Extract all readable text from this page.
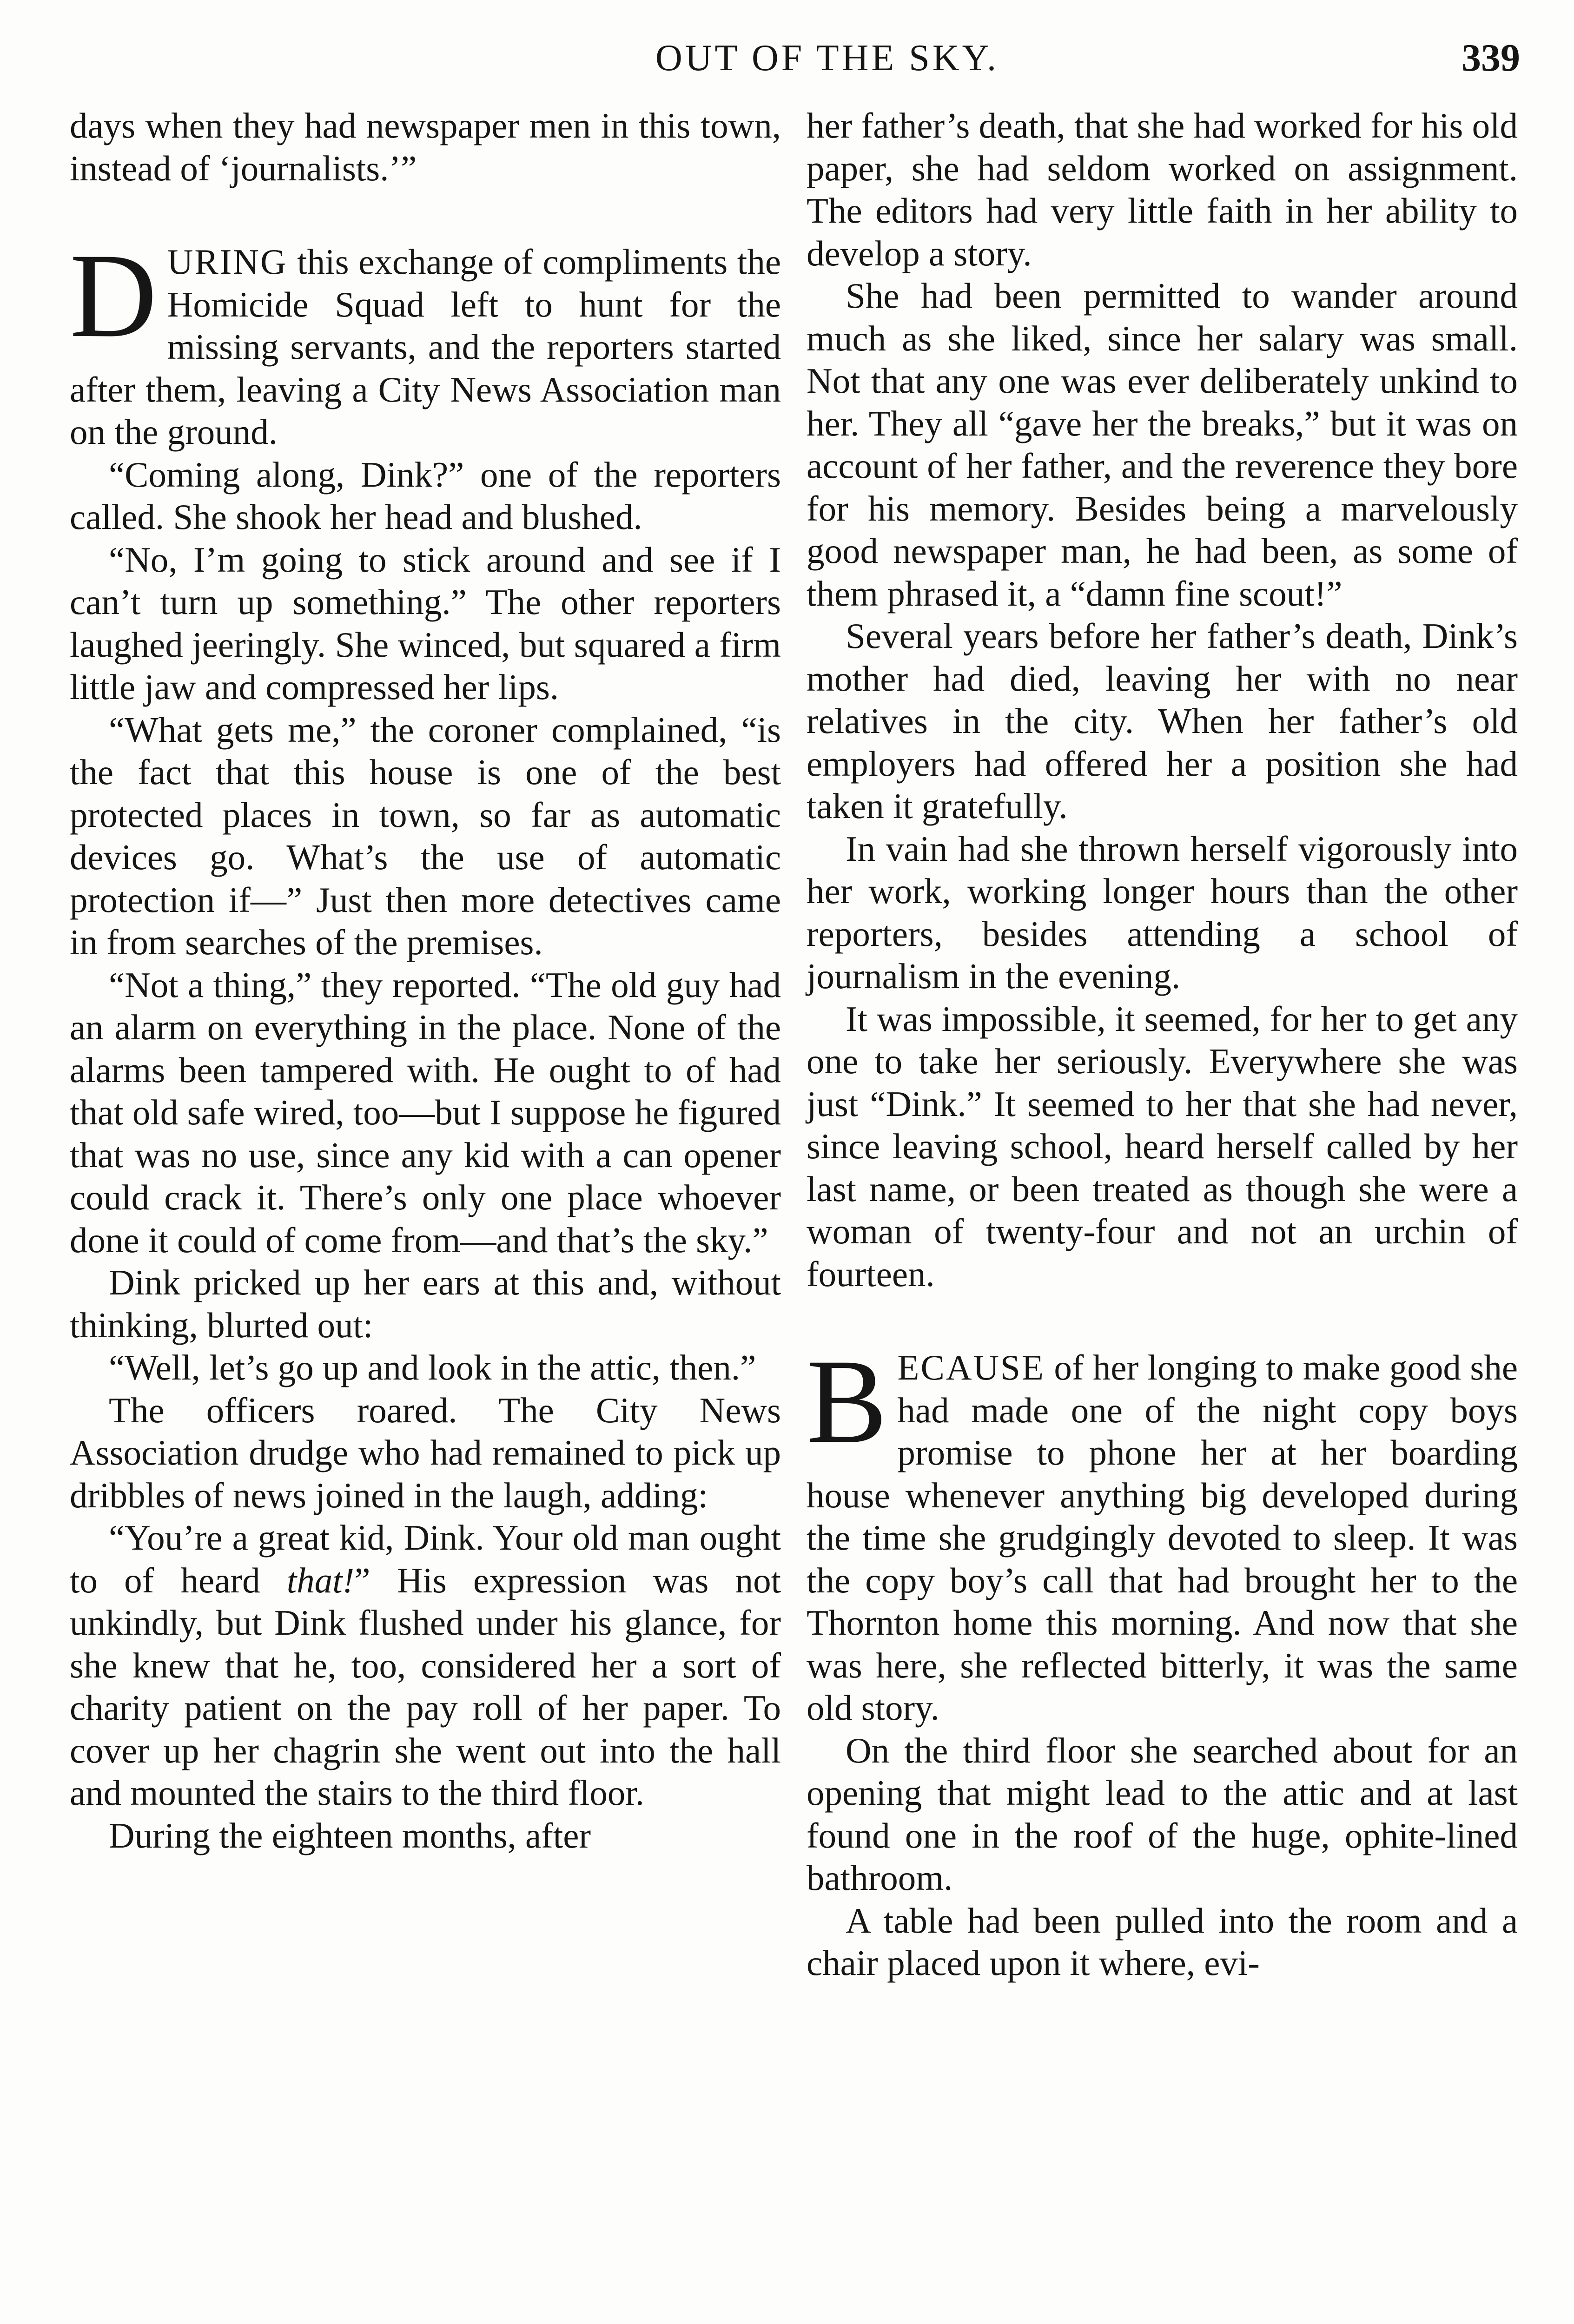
OUT OF THE SKY.	339

days when they had newspaper men in this town, instead of ‘journalists.’”

DURING this exchange of compliments the Homicide Squad left to hunt for the missing servants, and the reporters started after them, leaving a City News Association man on the ground.

“Coming along, Dink?” one of the reporters called. She shook her head and blushed.

“No, I’m going to stick around and see if I can’t turn up something.” The other reporters laughed jeeringly. She winced, but squared a firm little jaw and compressed her lips.

“What gets me,” the coroner complained, “is the fact that this house is one of the best protected places in town, so far as automatic devices go. What’s the use of automatic protection if—” Just then more detectives came in from searches of the premises.

“Not a thing,” they reported. “The old guy had an alarm on everything in the place. None of the alarms been tampered with. He ought to of had that old safe wired, too—but I suppose he figured that was no use, since any kid with a can opener could crack it. There’s only one place whoever done it could of come from—and that’s the sky.”

Dink pricked up her ears at this and, without thinking, blurted out:

“Well, let’s go up and look in the attic, then.”

The officers roared. The City News Association drudge who had remained to pick up dribbles of news joined in the laugh, adding:

“You’re a great kid, Dink. Your old man ought to of heard that!” His expression was not unkindly, but Dink flushed under his glance, for she knew that he, too, considered her a sort of charity patient on the pay roll of her paper. To cover up her chagrin she went out into the hall and mounted the stairs to the third floor.

During the eighteen months, after

her father’s death, that she had worked for his old paper, she had seldom worked on assignment. The editors had very little faith in her ability to develop a story.

She had been permitted to wander around much as she liked, since her salary was small. Not that any one was ever deliberately unkind to her. They all “gave her the breaks,” but it was on account of her father, and the reverence they bore for his memory. Besides being a marvelously good newspaper man, he had been, as some of them phrased it, a “damn fine scout!”

Several years before her father’s death, Dink’s mother had died, leaving her with no near relatives in the city. When her father’s old employers had offered her a position she had taken it gratefully.

In vain had she thrown herself vigorously into her work, working longer hours than the other reporters, besides attending a school of journalism in the evening.

It was impossible, it seemed, for her to get any one to take her seriously. Everywhere she was just “Dink.” It seemed to her that she had never, since leaving school, heard herself called by her last name, or been treated as though she were a woman of twenty-four and not an urchin of fourteen.

BECAUSE of her longing to make good she had made one of the night copy boys promise to phone her at her boarding house whenever anything big developed during the time she grudgingly devoted to sleep. It was the copy boy’s call that had brought her to the Thornton home this morning. And now that she was here, she reflected bitterly, it was the same old story.

On the third floor she searched about for an opening that might lead to the attic and at last found one in the roof of the huge, ophite-lined bathroom.

A table had been pulled into the room and a chair placed upon it where, evi-
